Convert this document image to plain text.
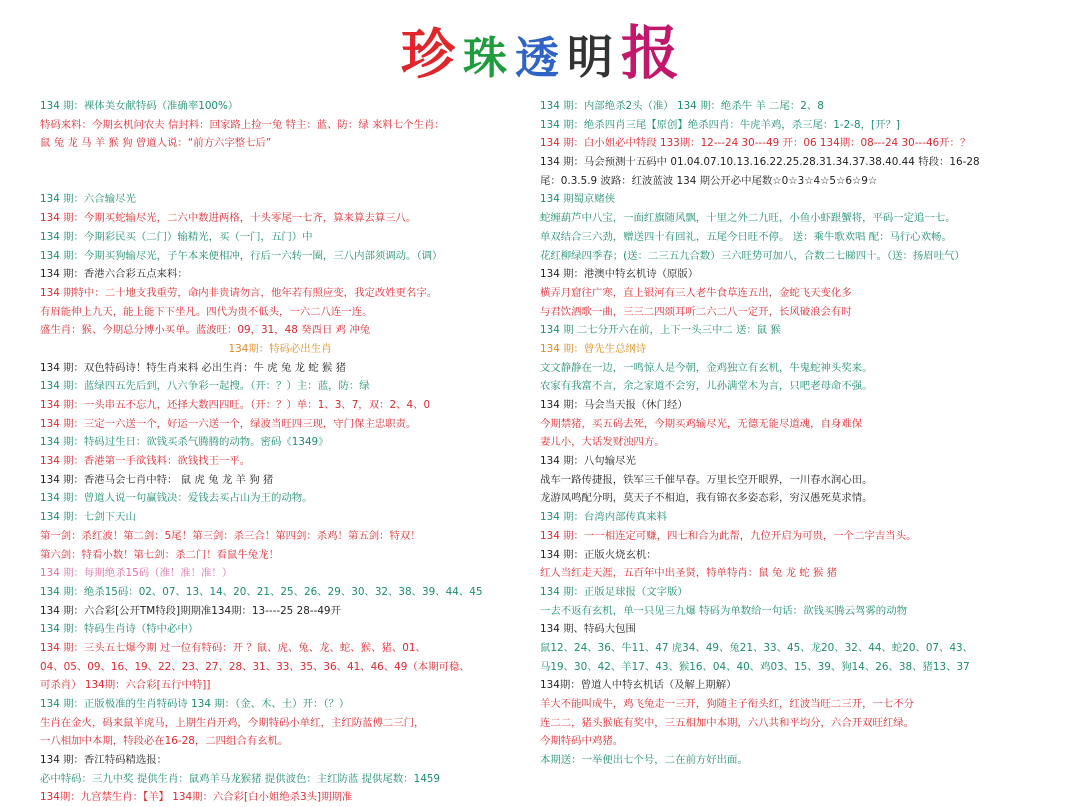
珍 珠 透 明 报
134 期：裸体美女献特码（准确率100%）
特码来料：今期玄机问农夫 信封料：回家路上捡一兔 特主：蓝、防：绿 来料七个生肖：
鼠 兔 龙 马 羊 猴 狗 曾道人说：“前方六字整七后”
134 期：六合输尽光
134 期：今期买蛇输尽光，二六中数进两格，十头零尾一七齐，算来算去算三八。
134 期：今期彩民买（二门）输精光，买（一门，五门）中
134 期：今期买狗输尽光，子午本来便相冲，行后一六转一圈，三八内部须调动。（调）
134 期：香港六合彩五点来料：
134 期特中：二十地支我重劳，命内非贵请勿言，他年若有照应变，我定改姓更名字。
有眉能伸上九天，能上能下下坐凡。四代为贵不低头，一六二八连一连。
盛生肖：猴、今期总分博小买单。蓝波旺：09，31，48 癸酉日 鸡 冲兔
134期：特码必出生肖
134 期：双色特码诗！特生肖来料 必出生肖：牛 虎 兔 龙 蛇 猴 猪
134 期：蓝绿四五先后到，八六争彩一起搜。（开：？）主：蓝，防：绿
134 期：一头串五不忘九，还择大数四四旺。（开：？）单：1、3、7，双：2、4、0
134 期：三定一六送一个，好运一六送一个，绿波当旺四三现，守门保主忠职责。
134 期：特码过生日：欲钱买杀气腾腾的动物。密码《1349》
134 期：香港第一手欲钱料：欲钱找王一平。
134 期：香港马会七肖中特： 鼠 虎 兔 龙 羊 狗 猪
134 期：曾道人说一句赢钱决：爱钱去买占山为王的动物。
134 期：七剑下天山
第一剑：杀红波！第二剑：5尾！第三剑：杀三合！第四剑：杀鸡！第五剑：特双！
第六剑：特看小数！第七剑：杀二门！看鼠牛兔龙！
134 期：每期绝杀15码（准！准！准！）
134 期：绝杀15码：02、07、13、14、20、21、25、26、29、30、32、38、39、44、45
134 期：六合彩[公开TM特段]期期准134期：13----25 28--49开
134 期：特码生肖诗（特中必中）
134 期：三头五七爆今期 过一位有特码：开 ？鼠、虎、兔、龙、蛇、猴、猪、01、
04、05、09、16、19、22、23、27、28、31、33、35、36、41、46、49（本期可稳、
可杀肖） 134期：六合彩[五行中特]]
134 期：正版极准的生肖特码诗 134 期：（金、木、土）开：（？）
生肖在金火，码来鼠羊虎马，上期生肖开鸡，今期特码小单红，主红防蓝傅二三门，
一八相加中本期，特段必在16-28，二四组合有玄机。
134 期：香江特码精选报：
必中特码：三九中奖 提供生肖：鼠鸡羊马龙猴猪 提供波色：主红防蓝 提供尾数：1459
134期：九宫禁生肖：【羊】 134期：六合彩[白小姐绝杀3头]期期准
134 期：内部绝杀2头（准） 134 期：绝杀牛 羊 二尾：2、8
134 期：绝杀四肖三尾【原创】绝杀四肖：牛虎羊鸡，杀三尾：1-2-8，[开？]
134 期：白小姐必中特段 133期：12---24 30---49 开：06 134期：08---24 30---46开：？
134 期：马会预测十五码中 01.04.07.10.13.16.22.25.28.31.34.37.38.40.44 特段：16-28
尾：0.3.5.9 波路：红波蓝波 134 期公开必中尾数☆0☆3☆4☆5☆6☆9☆
134 期蜀京赌侠
蛇缠葫芦中八宝，一面红旗随风飘，十里之外二九旺，小鱼小虾跟蟹将，平码一定追一七。
单双结合三六劲，赠送四十有回礼，五尾今日旺不停。 送：乘牛歌欢唱 配：马行心欢畅。
花红柳绿四季春；(送：二三五九合数）三六旺势可加八，合数二七睇四十。（送：扬眉吐气）
134 期：港澳中特玄机诗（原版）
横弄月窟往广寒，直上银河有三人老牛食草连五出，金蛇飞天变化多
与君饮酒歌一曲，三三二四颂耳听二六二八一定开，长风破浪会有时
134 期 二七分开六在前，上下一头三中二 送：鼠 猴
134 期：曾先生总纲诗
文文静静在一边，一鸣惊人是今朝，金鸡独立有玄机，牛鬼蛇神头奖来。
农家有我富不言，余之家道不会穷，儿孙满堂木为言，只吧老母命不强。
134 期：马会当天报（休门经）
今期禁猪，买五码去死，今期买鸡输尽光，无德无能尽道魂，自身难保
妻儿小，大话发财浊四方。
134 期：八句输尽光
战车一路传捷报，铁军三千催早春。万里长空开眼界，一川春水润心田。
龙游凤鸣配分明，莫天子不相迫，我有锦衣多姿态彩，穷汉愚死莫求情。
134 期：台湾内部传真来料
134 期：一一相连定可赚，四七和合为此帮，九位开启为可贵，一个二字吉当头。
134 期：正版火烧玄机：
红人当红走天涯，五百年中出圣贤，特单特肖：鼠 兔 龙 蛇 猴 猪
134 期：正版足球报（文字版）
一去不返有玄机，单一只见三九爆 特码为单数给一句话：欲钱买腾云驾雾的动物
134 期、特码大包围
鼠12、24、36、牛11、47 虎34、49、兔21、33、45、龙20、32、44、蛇20、07、43、
马19、30、42、羊17、43、猴16、04、40、鸡03、15、39、狗14、26、38、猪13、37
134期：曾道人中特玄机话（及解上期解）
羊大不能叫成牛，鸡飞兔走一三开，狗随主子衔头红，红波当旺二三开，一七不分
连二二，猪头猴底有奖中，三五相加中本期，六八共和平均分，六合开双旺红绿。
今期特码中鸡猪。
本期送：一举便出七个号，二在前方好出面。
